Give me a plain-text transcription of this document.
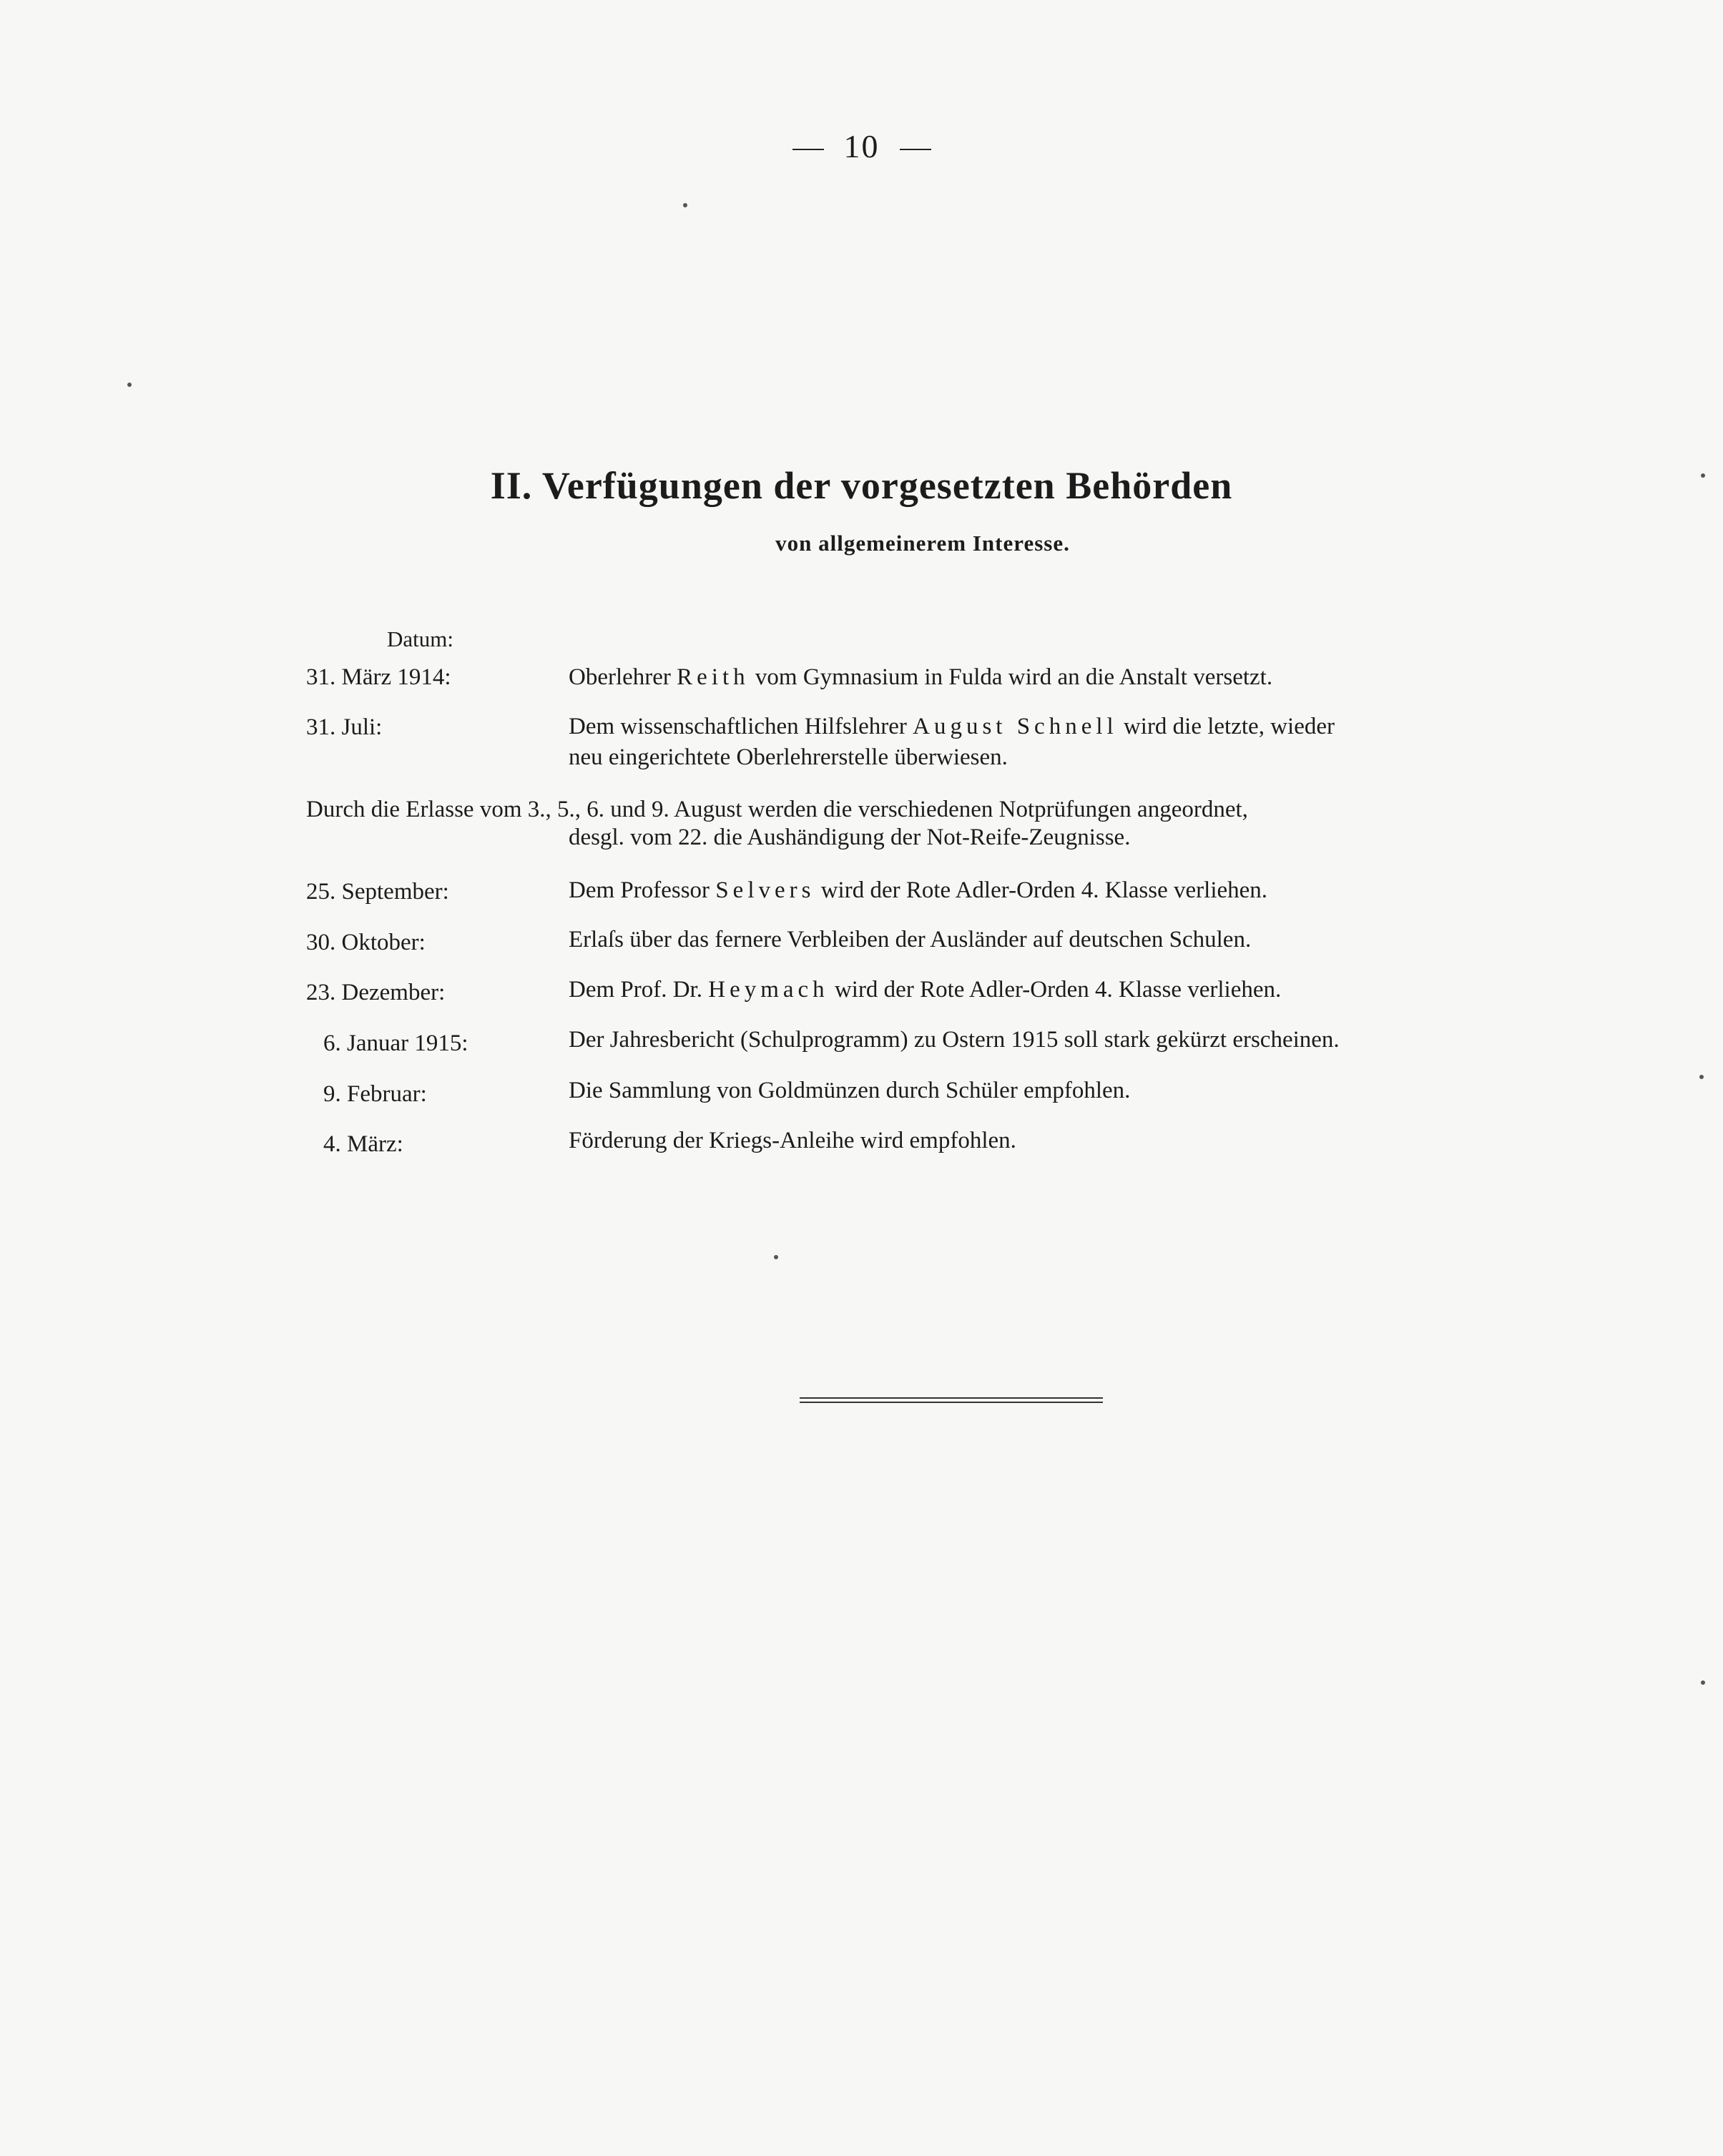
10
II. Verfügungen der vorgesetzten Behörden
von allgemeinerem Interesse.
Datum:
31. März 1914:	Oberlehrer Reith vom Gymnasium in Fulda wird an die Anstalt versetzt.
31. Juli:	Dem wissenschaftlichen Hilfslehrer August Schnell wird die letzte, wieder
neu eingerichtete Oberlehrerstelle überwiesen.
Durch die Erlasse vom 3., 5., 6. und 9. August werden die verschiedenen Notprüfungen angeordnet,
desgl. vom 22. die Aushändigung der Not-Reife-Zeugnisse.
25. September:	Dem Professor Selvers wird der Rote Adler-Orden 4. Klasse verliehen.
30. Oktober:	Erlaſs über das fernere Verbleiben der Ausländer auf deutschen Schulen.
23. Dezember:	Dem Prof. Dr. Heymach wird der Rote Adler-Orden 4. Klasse verliehen.
6. Januar 1915:	Der Jahresbericht (Schulprogramm) zu Ostern 1915 soll stark gekürzt erscheinen.
9. Februar:	Die Sammlung von Goldmünzen durch Schüler empfohlen.
4. März:	Förderung der Kriegs-Anleihe wird empfohlen.
